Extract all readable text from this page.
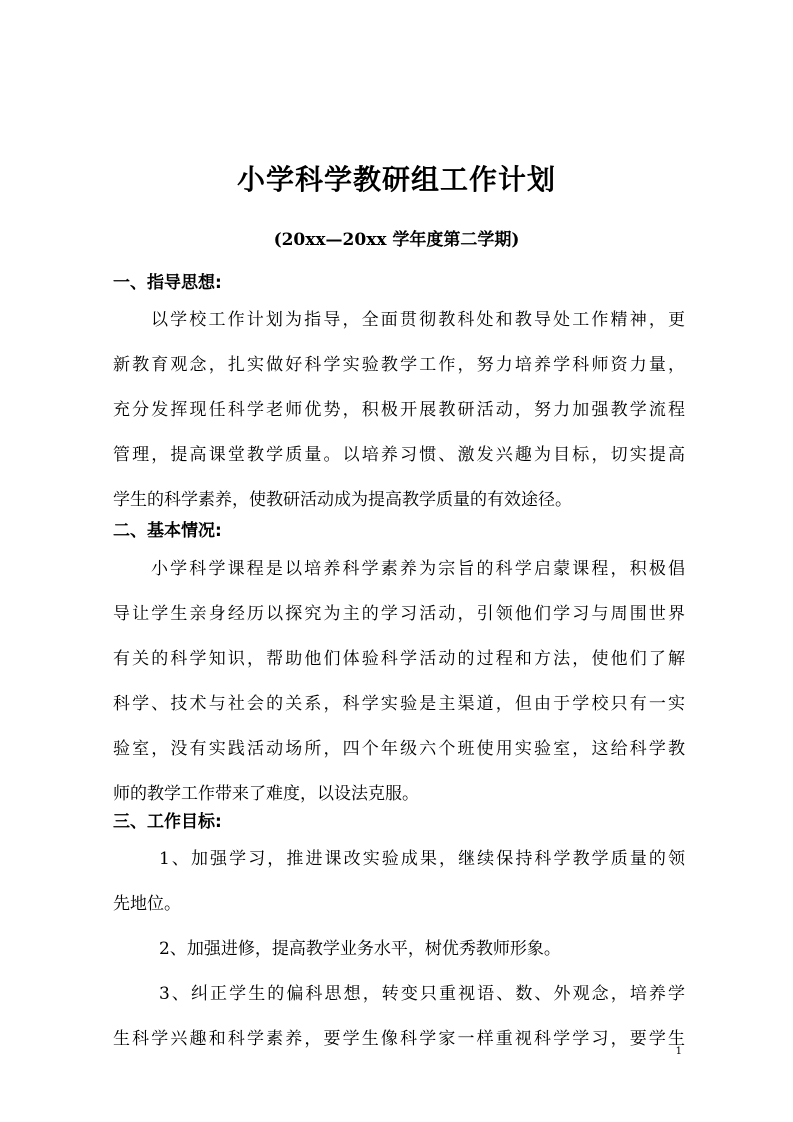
小学科学教研组工作计划
(20xx—20xx 学年度第二学期)
一、指导思想:
以学校工作计划为指导，全面贯彻教科处和教导处工作精神，更
新教育观念，扎实做好科学实验教学工作，努力培养学科师资力量，
充分发挥现任科学老师优势，积极开展教研活动，努力加强教学流程
管理，提高课堂教学质量。以培养习惯、激发兴趣为目标，切实提高
学生的科学素养，使教研活动成为提高教学质量的有效途径。
二、基本情况:
小学科学课程是以培养科学素养为宗旨的科学启蒙课程，积极倡
导让学生亲身经历以探究为主的学习活动，引领他们学习与周围世界
有关的科学知识，帮助他们体验科学活动的过程和方法，使他们了解
科学、技术与社会的关系，科学实验是主渠道，但由于学校只有一实
验室，没有实践活动场所，四个年级六个班使用实验室，这给科学教
师的教学工作带来了难度，以设法克服。
三、工作目标:
1、加强学习，推进课改实验成果，继续保持科学教学质量的领
先地位。
2、加强进修，提高教学业务水平，树优秀教师形象。
3、纠正学生的偏科思想，转变只重视语、数、外观念，培养学
生科学兴趣和科学素养，要学生像科学家一样重视科学学习，要学生
1
